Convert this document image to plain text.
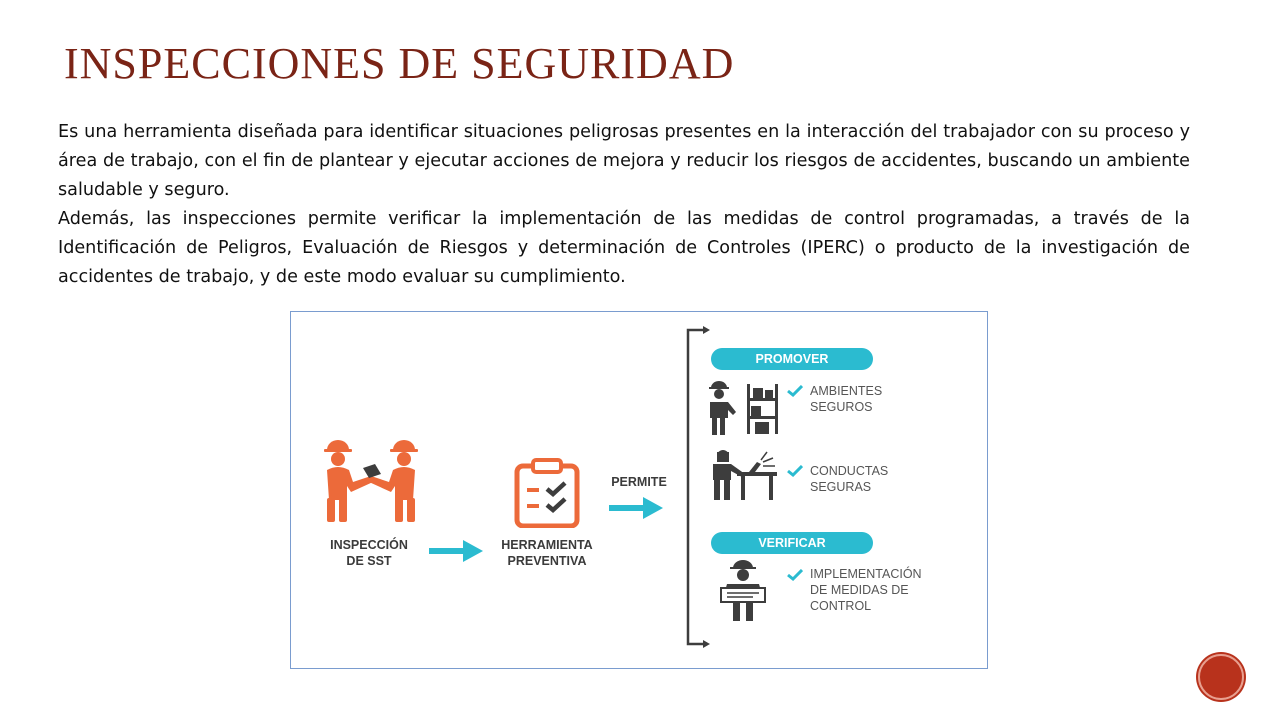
INSPECCIONES DE SEGURIDAD

Es una herramienta diseñada para identificar situaciones peligrosas presentes en la interacción del trabajador con su proceso y área de trabajo, con el fin de plantear y ejecutar acciones de mejora y reducir los riesgos de accidentes, buscando un ambiente saludable y seguro.

Además, las inspecciones permite verificar la implementación de las medidas de control programadas, a través de la Identificación de Peligros, Evaluación de Riesgos y determinación de Controles (IPERC) o producto de la investigación de accidentes de trabajo, y de este modo evaluar su cumplimiento.

INSPECCIÓN
DE SST
HERRAMIENTA
PREVENTIVA
PERMITE
PROMOVER
AMBIENTES
SEGUROS
CONDUCTAS
SEGURAS
VERIFICAR
IMPLEMENTACIÓN
DE MEDIDAS DE
CONTROL
